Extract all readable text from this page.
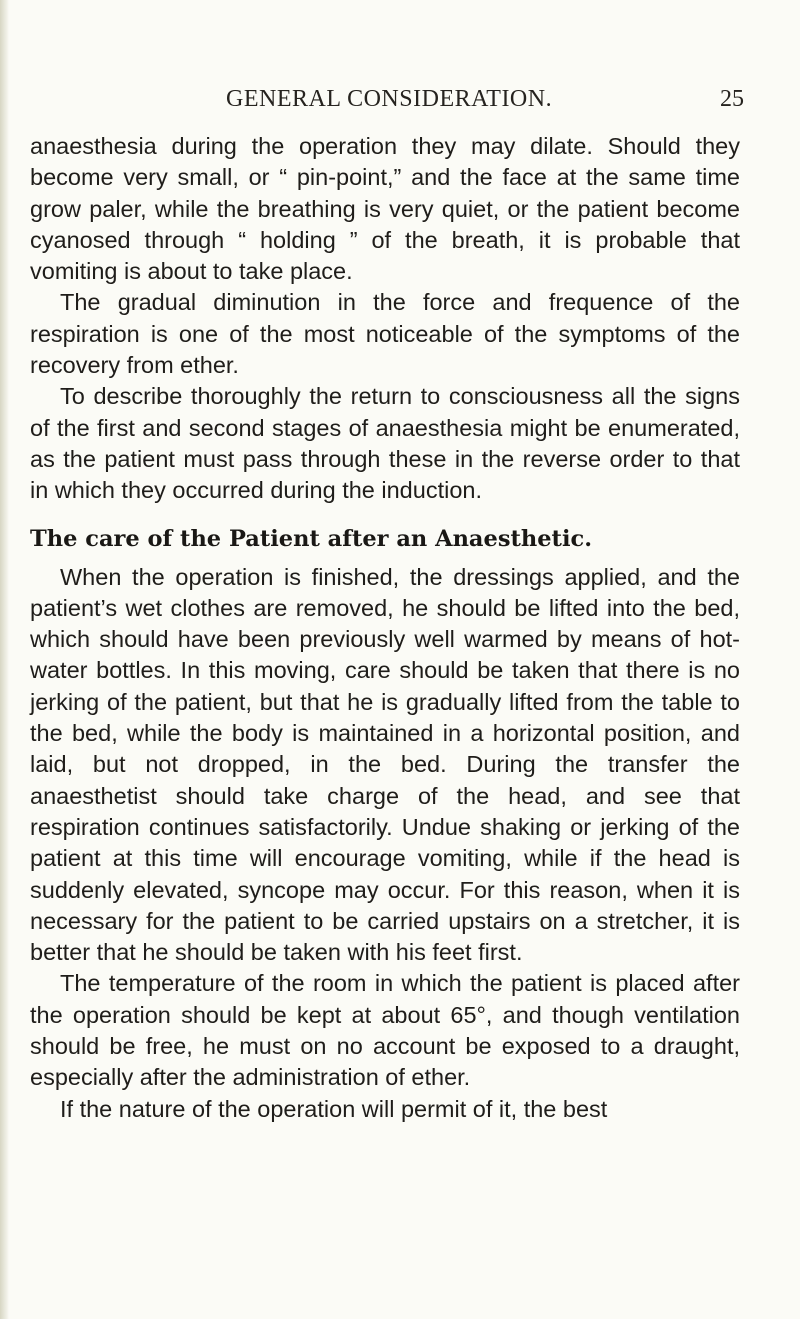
GENERAL CONSIDERATION.	25

anaesthesia during the operation they may dilate. Should they become very small, or “ pin-point,” and the face at the same time grow paler, while the breathing is very quiet, or the patient become cyanosed through “ holding ” of the breath, it is probable that vomiting is about to take place.

The gradual diminution in the force and frequence of the respiration is one of the most noticeable of the symptoms of the recovery from ether.

To describe thoroughly the return to consciousness all the signs of the first and second stages of anaesthesia might be enumerated, as the patient must pass through these in the reverse order to that in which they occurred during the induction.

The care of the Patient after an Anaesthetic.

When the operation is finished, the dressings applied, and the patient’s wet clothes are removed, he should be lifted into the bed, which should have been previously well warmed by means of hot-water bottles. In this moving, care should be taken that there is no jerking of the patient, but that he is gradually lifted from the table to the bed, while the body is maintained in a horizontal position, and laid, but not dropped, in the bed. During the transfer the anaesthetist should take charge of the head, and see that respiration continues satisfactorily. Undue shaking or jerking of the patient at this time will encourage vomiting, while if the head is suddenly elevated, syncope may occur. For this reason, when it is necessary for the patient to be carried upstairs on a stretcher, it is better that he should be taken with his feet first.

The temperature of the room in which the patient is placed after the operation should be kept at about 65°, and though ventilation should be free, he must on no account be exposed to a draught, especially after the administration of ether.

If the nature of the operation will permit of it, the best
